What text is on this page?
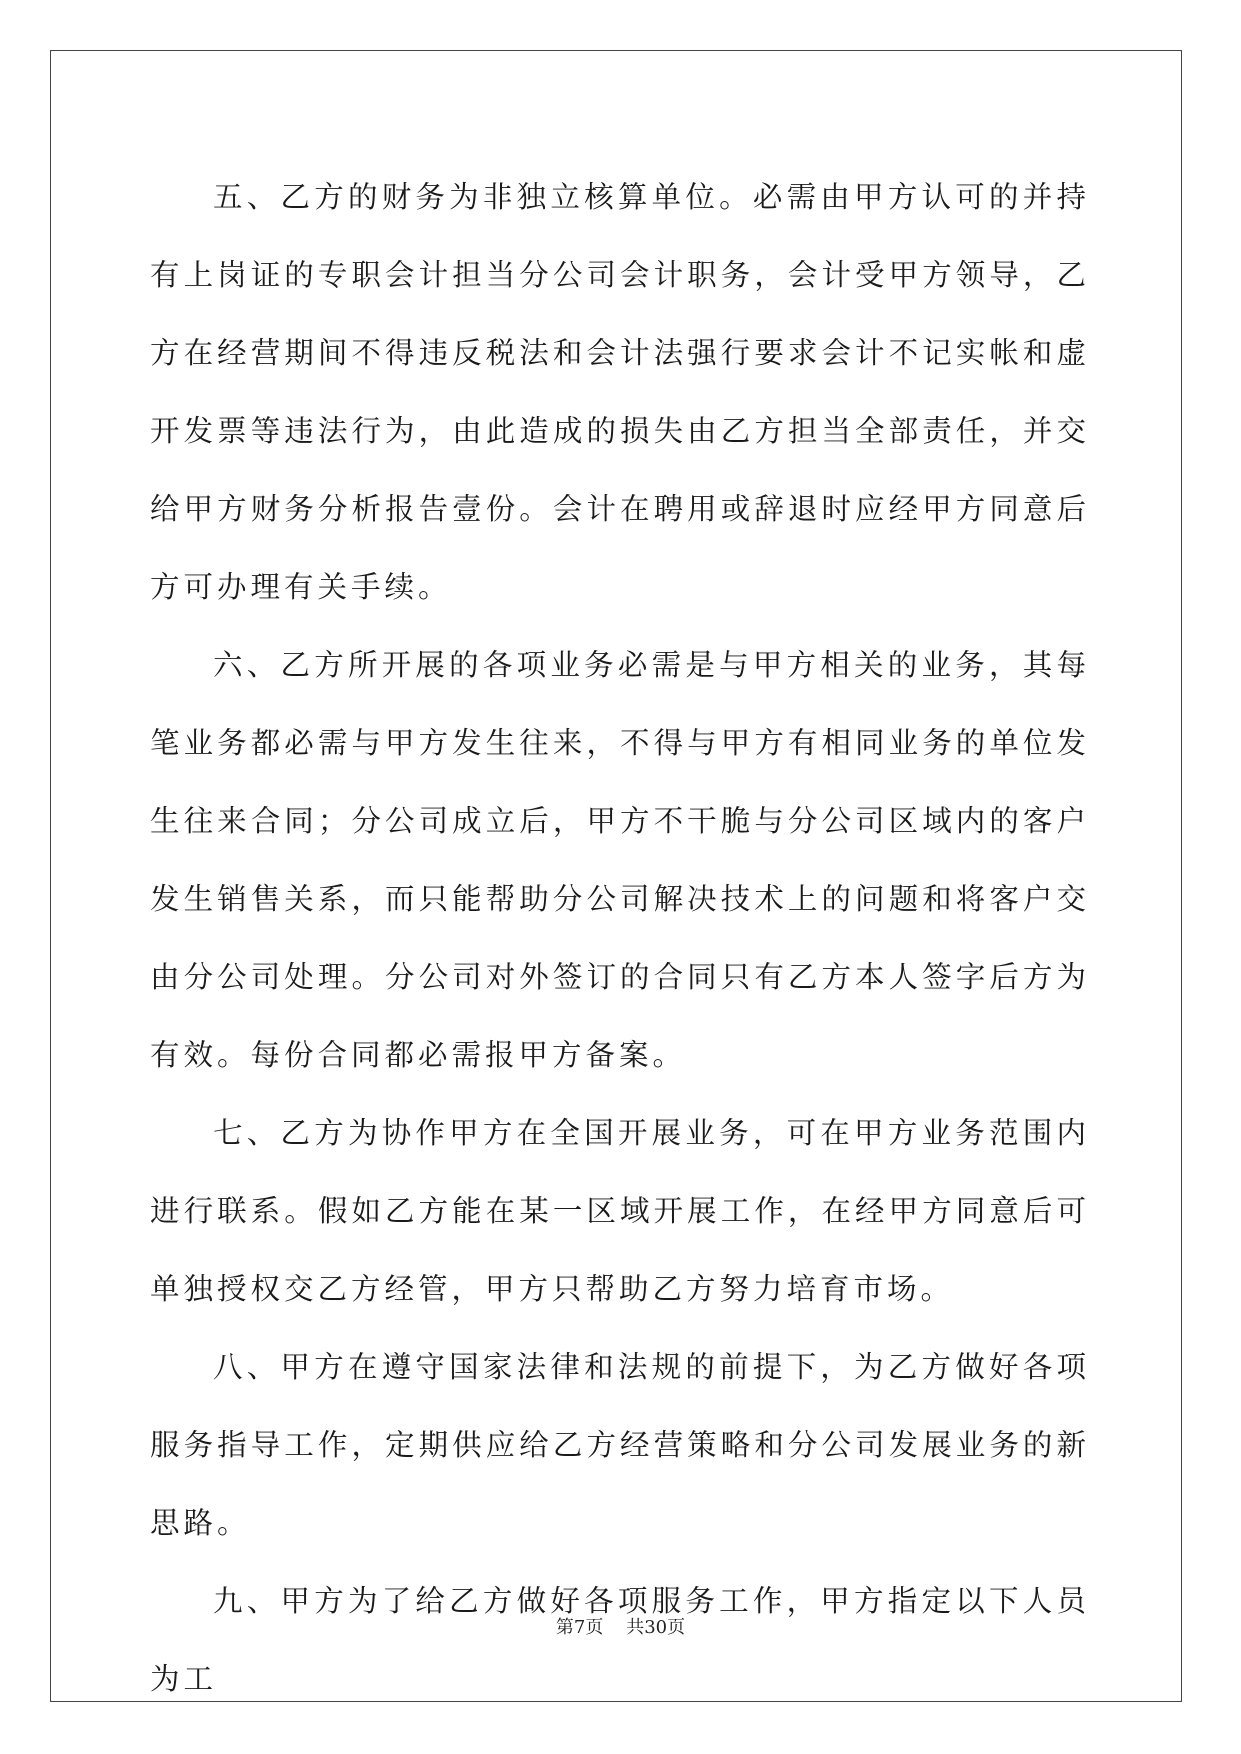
五、乙方的财务为非独立核算单位。必需由甲方认可的并持有上岗证的专职会计担当分公司会计职务，会计受甲方领导，乙方在经营期间不得违反税法和会计法强行要求会计不记实帐和虚开发票等违法行为，由此造成的损失由乙方担当全部责任，并交给甲方财务分析报告壹份。会计在聘用或辞退时应经甲方同意后方可办理有关手续。

六、乙方所开展的各项业务必需是与甲方相关的业务，其每笔业务都必需与甲方发生往来，不得与甲方有相同业务的单位发生往来合同；分公司成立后，甲方不干脆与分公司区域内的客户发生销售关系，而只能帮助分公司解决技术上的问题和将客户交由分公司处理。分公司对外签订的合同只有乙方本人签字后方为有效。每份合同都必需报甲方备案。

七、乙方为协作甲方在全国开展业务，可在甲方业务范围内进行联系。假如乙方能在某一区域开展工作，在经甲方同意后可单独授权交乙方经管，甲方只帮助乙方努力培育市场。

八、甲方在遵守国家法律和法规的前提下，为乙方做好各项服务指导工作，定期供应给乙方经营策略和分公司发展业务的新思路。

九、甲方为了给乙方做好各项服务工作，甲方指定以下人员为工

第7页 共30页
